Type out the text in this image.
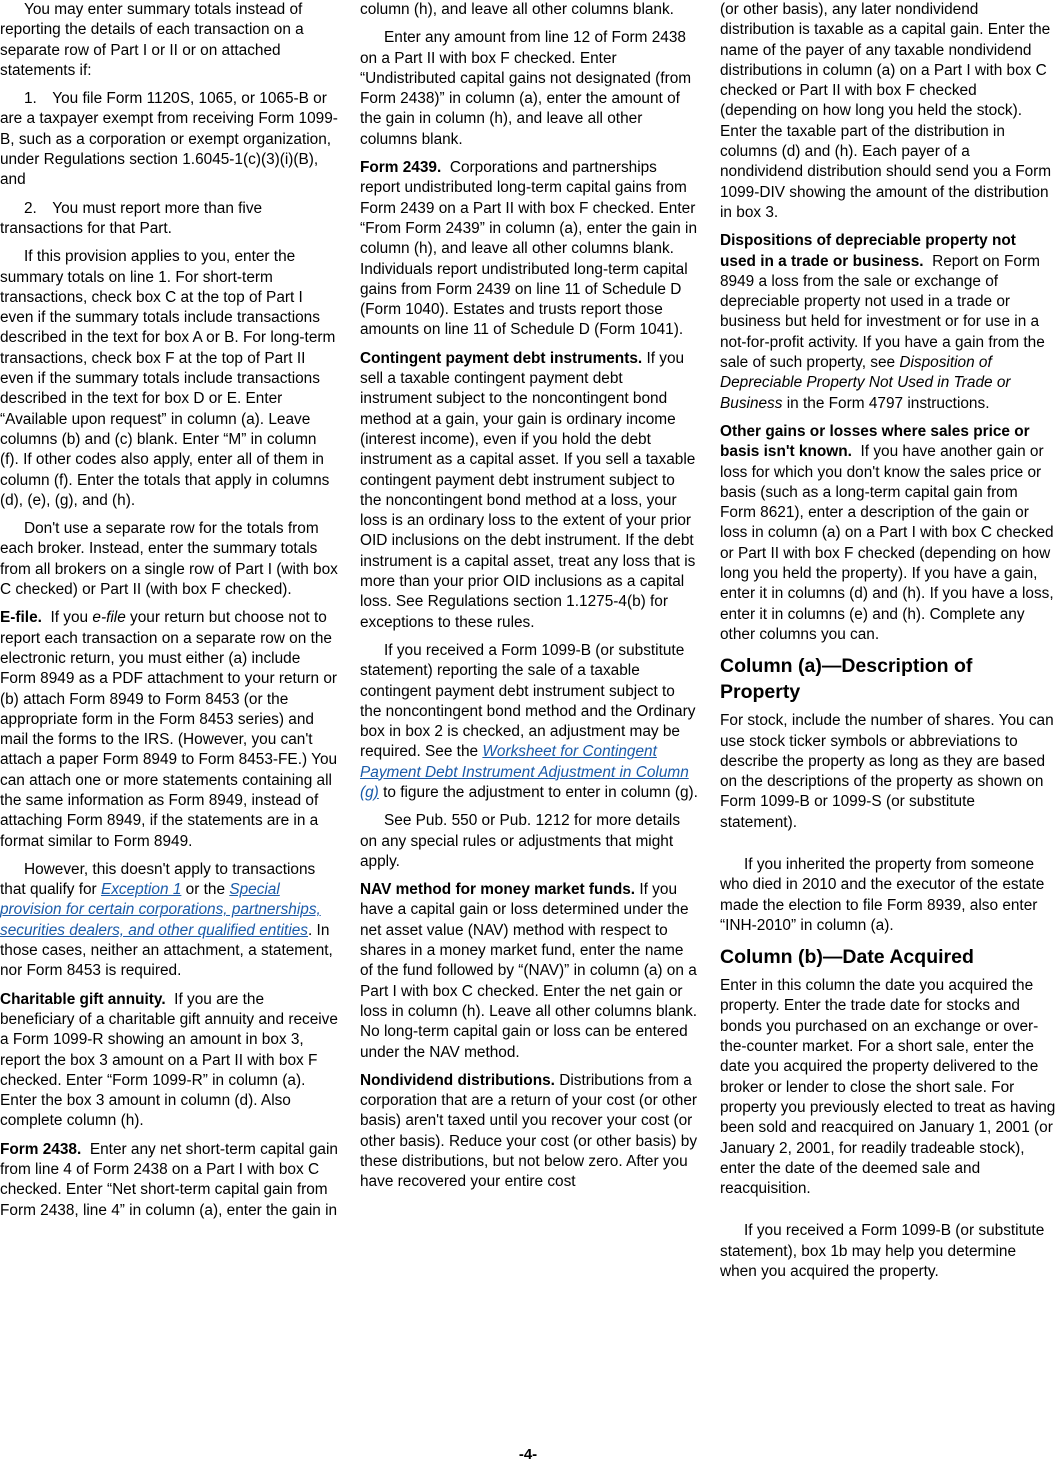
You may enter summary totals instead of reporting the details of each transaction on a separate row of Part I or II or on attached statements if:

1. You file Form 1120S, 1065, or 1065-B or are a taxpayer exempt from receiving Form 1099-B, such as a corporation or exempt organization, under Regulations section 1.6045-1(c)(3)(i)(B), and

2. You must report more than five transactions for that Part.

If this provision applies to you, enter the summary totals on line 1. For short-term transactions, check box C at the top of Part I even if the summary totals include transactions described in the text for box A or B. For long-term transactions, check box F at the top of Part II even if the summary totals include transactions described in the text for box D or E. Enter “Available upon request” in column (a). Leave columns (b) and (c) blank. Enter “M” in column (f). If other codes also apply, enter all of them in column (f). Enter the totals that apply in columns (d), (e), (g), and (h).

Don't use a separate row for the totals from each broker. Instead, enter the summary totals from all brokers on a single row of Part I (with box C checked) or Part II (with box F checked).

E-file. If you e-file your return but choose not to report each transaction on a separate row on the electronic return, you must either (a) include Form 8949 as a PDF attachment to your return or (b) attach Form 8949 to Form 8453 (or the appropriate form in the Form 8453 series) and mail the forms to the IRS. (However, you can't attach a paper Form 8949 to Form 8453-FE.) You can attach one or more statements containing all the same information as Form 8949, instead of attaching Form 8949, if the statements are in a format similar to Form 8949.

However, this doesn't apply to transactions that qualify for Exception 1 or the Special provision for certain corporations, partnerships, securities dealers, and other qualified entities. In those cases, neither an attachment, a statement, nor Form 8453 is required.

Charitable gift annuity. If you are the beneficiary of a charitable gift annuity and receive a Form 1099-R showing an amount in box 3, report the box 3 amount on a Part II with box F checked. Enter “Form 1099-R” in column (a). Enter the box 3 amount in column (d). Also complete column (h).

Form 2438. Enter any net short-term capital gain from line 4 of Form 2438 on a Part I with box C checked. Enter “Net short-term capital gain from Form 2438, line 4” in column (a), enter the gain in

column (h), and leave all other columns blank.

Enter any amount from line 12 of Form 2438 on a Part II with box F checked. Enter “Undistributed capital gains not designated (from Form 2438)” in column (a), enter the amount of the gain in column (h), and leave all other columns blank.

Form 2439. Corporations and partnerships report undistributed long-term capital gains from Form 2439 on a Part II with box F checked. Enter “From Form 2439” in column (a), enter the gain in column (h), and leave all other columns blank. Individuals report undistributed long-term capital gains from Form 2439 on line 11 of Schedule D (Form 1040). Estates and trusts report those amounts on line 11 of Schedule D (Form 1041).

Contingent payment debt instruments. If you sell a taxable contingent payment debt instrument subject to the noncontingent bond method at a gain, your gain is ordinary income (interest income), even if you hold the debt instrument as a capital asset. If you sell a taxable contingent payment debt instrument subject to the noncontingent bond method at a loss, your loss is an ordinary loss to the extent of your prior OID inclusions on the debt instrument. If the debt instrument is a capital asset, treat any loss that is more than your prior OID inclusions as a capital loss. See Regulations section 1.1275-4(b) for exceptions to these rules.

If you received a Form 1099-B (or substitute statement) reporting the sale of a taxable contingent payment debt instrument subject to the noncontingent bond method and the Ordinary box in box 2 is checked, an adjustment may be required. See the Worksheet for Contingent Payment Debt Instrument Adjustment in Column (g) to figure the adjustment to enter in column (g).

See Pub. 550 or Pub. 1212 for more details on any special rules or adjustments that might apply.

NAV method for money market funds. If you have a capital gain or loss determined under the net asset value (NAV) method with respect to shares in a money market fund, enter the name of the fund followed by “(NAV)” in column (a) on a Part I with box C checked. Enter the net gain or loss in column (h). Leave all other columns blank. No long-term capital gain or loss can be entered under the NAV method.

Nondividend distributions. Distributions from a corporation that are a return of your cost (or other basis) aren't taxed until you recover your cost (or other basis). Reduce your cost (or other basis) by these distributions, but not below zero. After you have recovered your entire cost

(or other basis), any later nondividend distribution is taxable as a capital gain. Enter the name of the payer of any taxable nondividend distributions in column (a) on a Part I with box C checked or Part II with box F checked (depending on how long you held the stock). Enter the taxable part of the distribution in columns (d) and (h). Each payer of a nondividend distribution should send you a Form 1099-DIV showing the amount of the distribution in box 3.

Dispositions of depreciable property not used in a trade or business. Report on Form 8949 a loss from the sale or exchange of depreciable property not used in a trade or business but held for investment or for use in a not-for-profit activity. If you have a gain from the sale of such property, see Disposition of Depreciable Property Not Used in Trade or Business in the Form 4797 instructions.

Other gains or losses where sales price or basis isn't known. If you have another gain or loss for which you don't know the sales price or basis (such as a long-term capital gain from Form 8621), enter a description of the gain or loss in column (a) on a Part I with box C checked or Part II with box F checked (depending on how long you held the property). If you have a gain, enter it in columns (d) and (h). If you have a loss, enter it in columns (e) and (h). Complete any other columns you can.

Column (a)—Description of Property

For stock, include the number of shares. You can use stock ticker symbols or abbreviations to describe the property as long as they are based on the descriptions of the property as shown on Form 1099-B or 1099-S (or substitute statement).

If you inherited the property from someone who died in 2010 and the executor of the estate made the election to file Form 8939, also enter “INH-2010” in column (a).

Column (b)—Date Acquired

Enter in this column the date you acquired the property. Enter the trade date for stocks and bonds you purchased on an exchange or over-the-counter market. For a short sale, enter the date you acquired the property delivered to the broker or lender to close the short sale. For property you previously elected to treat as having been sold and reacquired on January 1, 2001 (or January 2, 2001, for readily tradeable stock), enter the date of the deemed sale and reacquisition.

If you received a Form 1099-B (or substitute statement), box 1b may help you determine when you acquired the property.

-4-
